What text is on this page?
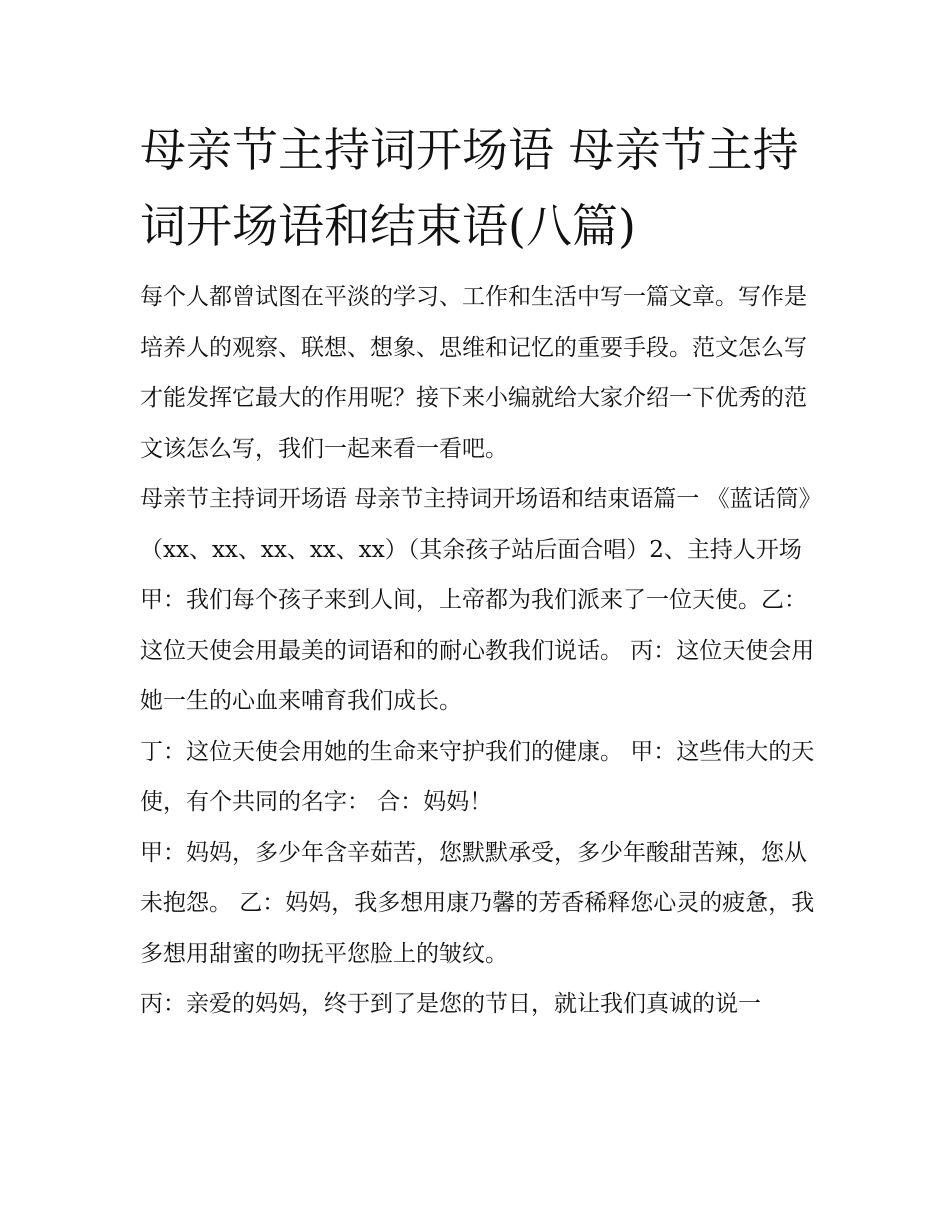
母亲节主持词开场语 母亲节主持词开场语和结束语(八篇)

每个人都曾试图在平淡的学习、工作和生活中写一篇文章。写作是培养人的观察、联想、想象、思维和记忆的重要手段。范文怎么写才能发挥它最大的作用呢？接下来小编就给大家介绍一下优秀的范文该怎么写，我们一起来看一看吧。

母亲节主持词开场语 母亲节主持词开场语和结束语篇一 《蓝话筒》（xx、xx、xx、xx、xx）（其余孩子站后面合唱）2、主持人开场

甲：我们每个孩子来到人间，上帝都为我们派来了一位天使。乙：这位天使会用最美的词语和的耐心教我们说话。 丙：这位天使会用她一生的心血来哺育我们成长。

丁：这位天使会用她的生命来守护我们的健康。 甲：这些伟大的天使，有个共同的名字： 合：妈妈！

甲：妈妈，多少年含辛茹苦，您默默承受，多少年酸甜苦辣，您从未抱怨。 乙：妈妈，我多想用康乃馨的芳香稀释您心灵的疲惫，我多想用甜蜜的吻抚平您脸上的皱纹。

丙：亲爱的妈妈，终于到了是您的节日，就让我们真诚的说一
